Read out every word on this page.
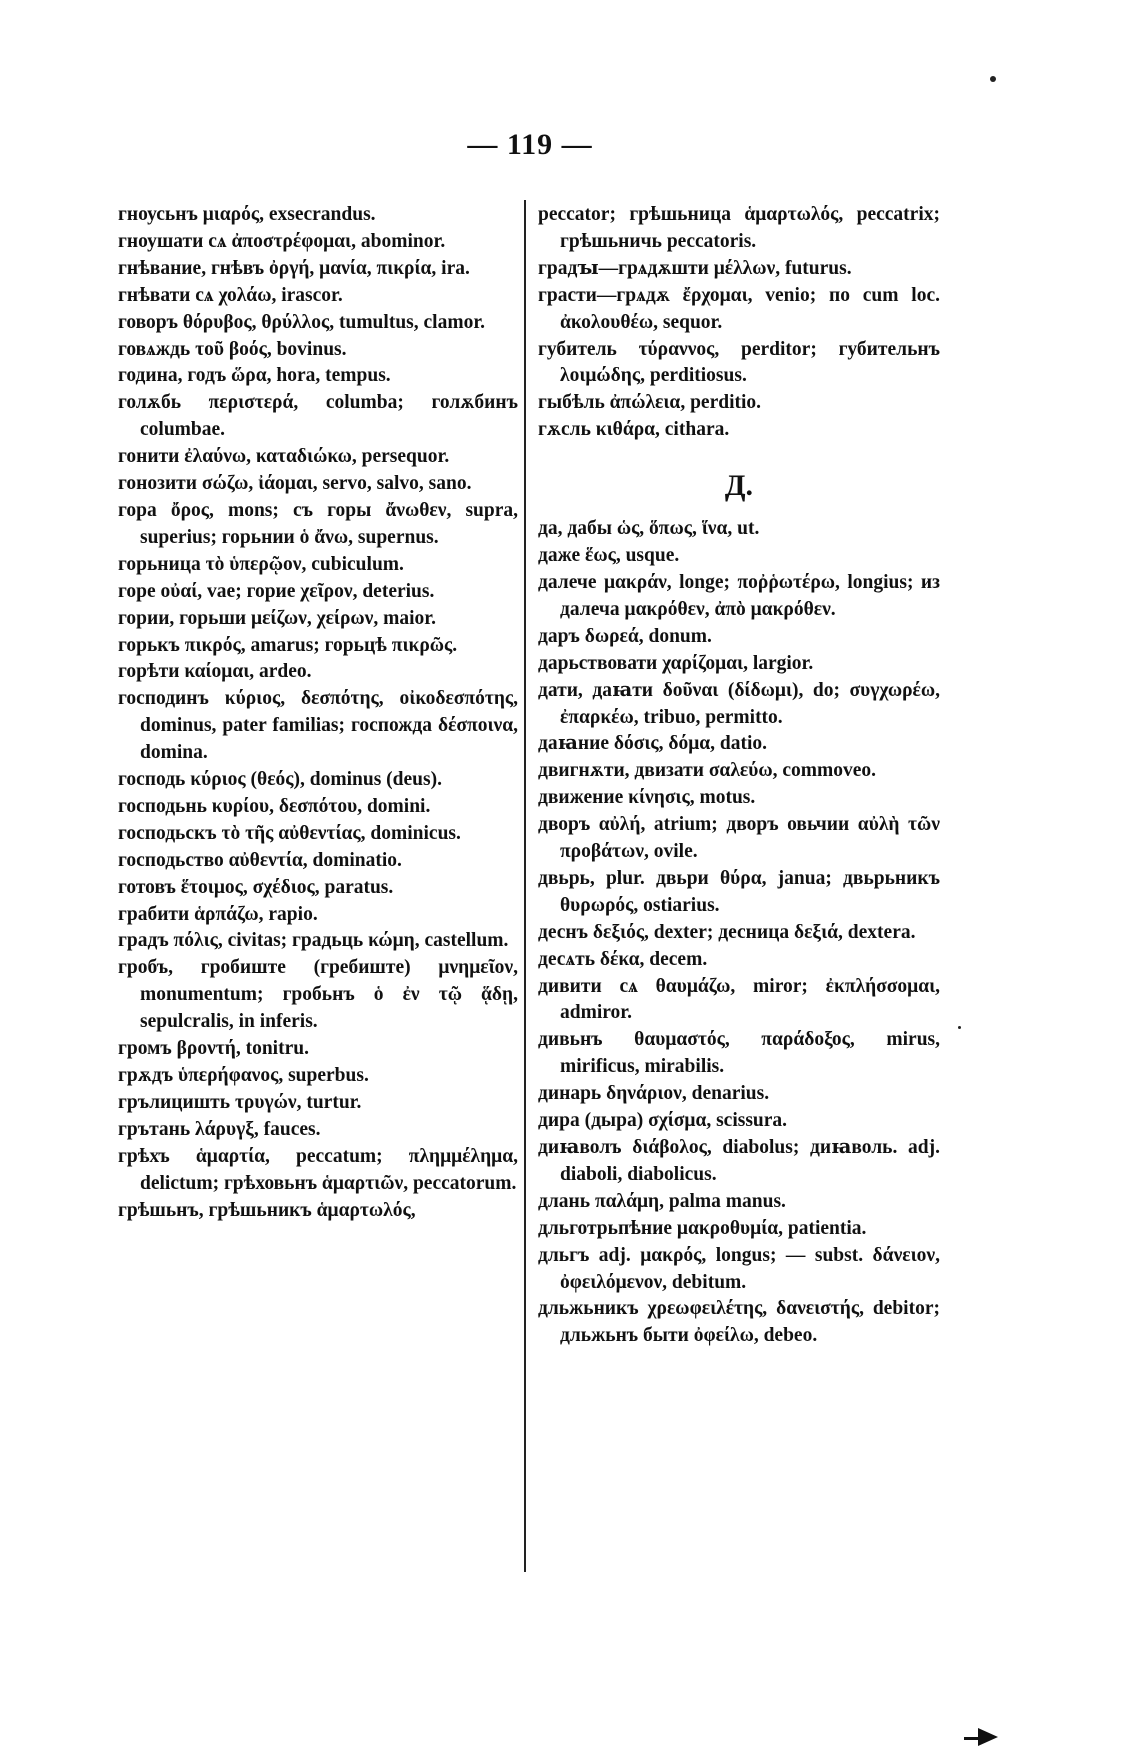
— 119 —
гноусьнъ μιαρός, exsecrandus.
гноушати сѧ ἀποστρέφομαι, abominor.
гнѣвание, гнѣвъ ὀργή, μανία, πικρία, ira.
гнѣвати сѧ χολάω, irascor.
говоръ θόρυβος, θρύλλος, tumultus, clamor.
говѧждь τοῦ βοός, bovinus.
година, годъ ὥρα, hora, tempus.
голѫбь περιστερά, columba; голѫбинъ columbae.
гонити ἐλαύνω, καταδιώκω, persequor.
гонозити σώζω, ἰάομαι, servo, salvo, sano.
гора ὄρος, mons; съ горы ἄνωθεν, supra, superius; горьнии ὁ ἄνω, supernus.
горьница τὸ ὑπερῷον, cubiculum.
горе οὐαί, vae; горие χεῖρον, deterius.
гории, горьши μείζων, χείρων, maior.
горькъ πικρός, amarus; горьцѣ πικρῶς.
горѣти καίομαι, ardeo.
господинъ κύριος, δεσπότης, οἰκοδεσπότης, dominus, pater familias; госпожда δέσποινα, domina.
господь κύριος (θεός), dominus (deus).
господьнь κυρίου, δεσπότου, domini.
господьскъ τὸ τῆς αὐθεντίας, dominicus.
господьство αὐθεντία, dominatio.
готовъ ἕτοιμος, σχέδιος, paratus.
грабити ἁρπάζω, rapio.
градъ πόλις, civitas; градьць κώμη, castellum.
гробъ, гробиште (гребиште) μνημεῖον, monumentum; гробьнъ ὁ ἐν τῷ ᾅδῃ, sepulcralis, in inferis.
громъ βροντή, tonitru.
грѫдъ ὑπερήφανος, superbus.
грълицишть τρυγών, turtur.
грътань λάρυγξ, fauces.
грѣхъ ἁμαρτία, peccatum; πλημμέλημα, delictum; грѣховьнъ ἁμαρτιῶν, peccatorum.
грѣшьнъ, грѣшьникъ ἁμαρτωλός,
peccator; грѣшьница ἁμαρτωλός, peccatrix; грѣшьничь peccatoris.
градꙑ—грѧдѫшти μέλλων, futurus.
грасти—грѧдѫ ἔρχομαι, venio; по cum loc. ἀκολουθέω, sequor.
губитель τύραννος, perditor; губительнъ λοιμώδης, perditiosus.
гыбѣль ἀπώλεια, perditio.
гѫсль κιθάρα, cithara.
Д.
да, дабы ὡς, ὅπως, ἵνα, ut.
даже ἕως, usque.
далече μακράν, longe; ποῤῥωτέρω, longius; из далеча μακρόθεν, ἀπὸ μακρόθεν.
даръ δωρεά, donum.
дарьствовати χαρίζομαι, largior.
дати, даꙗти δοῦναι (δίδωμι), do; συγχωρέω, ἐπαρκέω, tribuo, permitto.
даꙗние δόσις, δόμα, datio.
двигнѫти, двизати σαλεύω, commoveo.
движение κίνησις, motus.
дворъ αὐλή, atrium; дворъ овьчии αὐλὴ τῶν προβάτων, ovile.
двьрь, plur. двьри θύρα, janua; двьрьникъ θυρωρός, ostiarius.
деснъ δεξιός, dexter; десница δεξιά, dextera.
десѧть δέκα, decem.
дивити сѧ θαυμάζω, miror; ἐκπλήσσομαι, admiror.
дивьнъ θαυμαστός, παράδοξος, mirus, mirificus, mirabilis.
динарь δηνάριον, denarius.
дира (дыра) σχίσμα, scissura.
диꙗволъ διάβολος, diabolus; диꙗволь. adj. diaboli, diabolicus.
длань παλάμη, palma manus.
дльготрьпѣние μακροθυμία, patientia.
дльгъ adj. μακρός, longus; — subst. δάνειον, ὀφειλόμενον, debitum.
дльжьникъ χρεωφειλέτης, δανειστής, debitor; дльжьнъ быти ὀφείλω, debeo.
